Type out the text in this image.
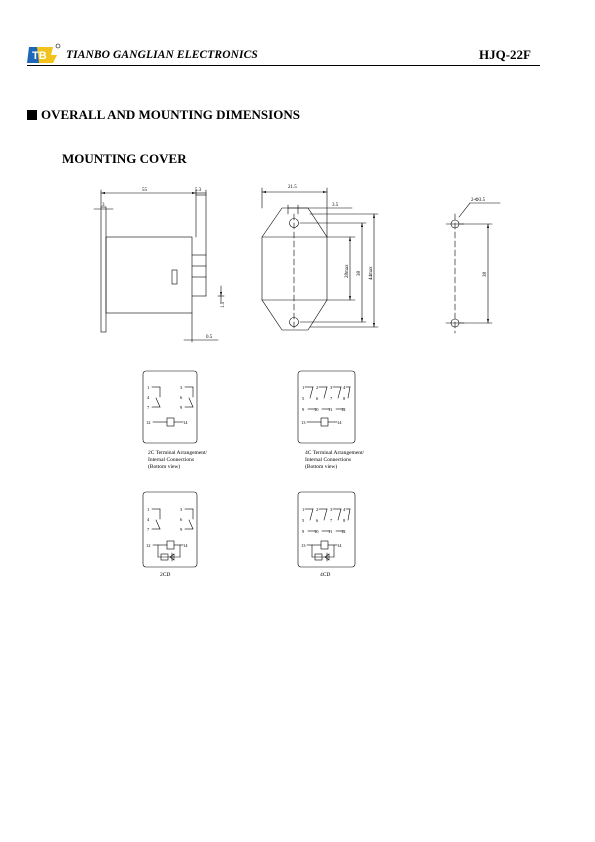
TB TIANBO GANGLIAN ELECTRONICS	HJQ-22F
OVERALL AND MOUNTING DIMENSIONS
MOUNTING COVER
55	5.3
3
0.5
1.5
21.5
3.5
28max 38 44max
2-Φ3.5
38
1	3
4	6
7	9
12	14
1	2	3 4
5	6	7 8
9 10 11 12
13	14
1	3
4	6
7	9
12	14
1	2	3 4
5	6	7 8
9 10 11 12
13	14
2C Terminal Arrangement/
Internal Connections
(Bottom view)
4C Terminal Arrangement/
Internal Connections
(Bottom view)
2CD	4CD
